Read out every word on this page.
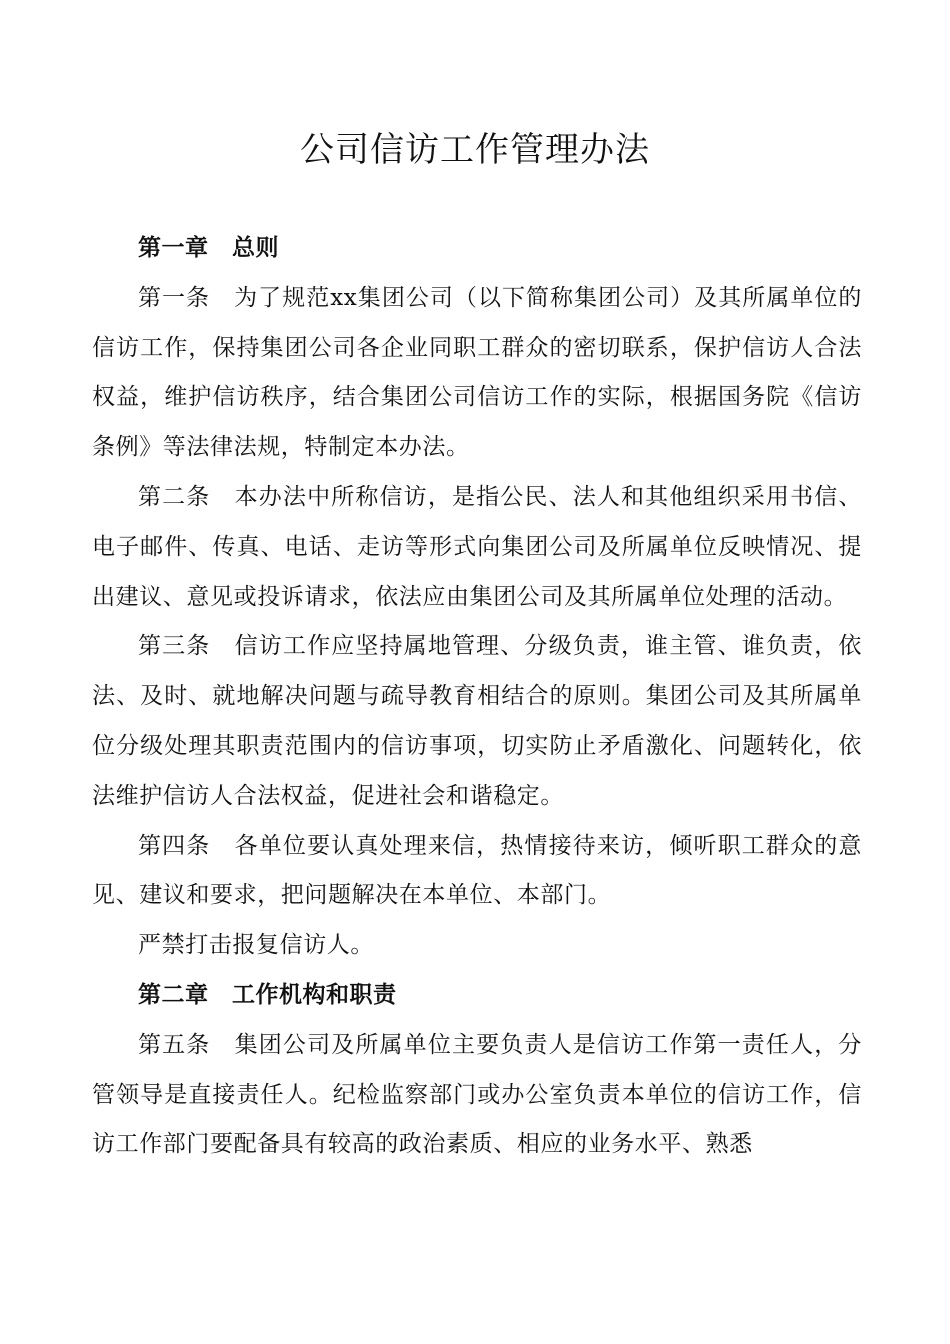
公司信访工作管理办法

第一章　总则

第一条　为了规范xx集团公司（以下简称集团公司）及其所属单位的信访工作，保持集团公司各企业同职工群众的密切联系，保护信访人合法权益，维护信访秩序，结合集团公司信访工作的实际，根据国务院《信访条例》等法律法规，特制定本办法。

第二条　本办法中所称信访，是指公民、法人和其他组织采用书信、电子邮件、传真、电话、走访等形式向集团公司及所属单位反映情况、提出建议、意见或投诉请求，依法应由集团公司及其所属单位处理的活动。

第三条　信访工作应坚持属地管理、分级负责，谁主管、谁负责，依法、及时、就地解决问题与疏导教育相结合的原则。集团公司及其所属单位分级处理其职责范围内的信访事项，切实防止矛盾激化、问题转化，依法维护信访人合法权益，促进社会和谐稳定。

第四条　各单位要认真处理来信，热情接待来访，倾听职工群众的意见、建议和要求，把问题解决在本单位、本部门。

严禁打击报复信访人。

第二章　工作机构和职责

第五条　集团公司及所属单位主要负责人是信访工作第一责任人，分管领导是直接责任人。纪检监察部门或办公室负责本单位的信访工作，信访工作部门要配备具有较高的政治素质、相应的业务水平、熟悉
